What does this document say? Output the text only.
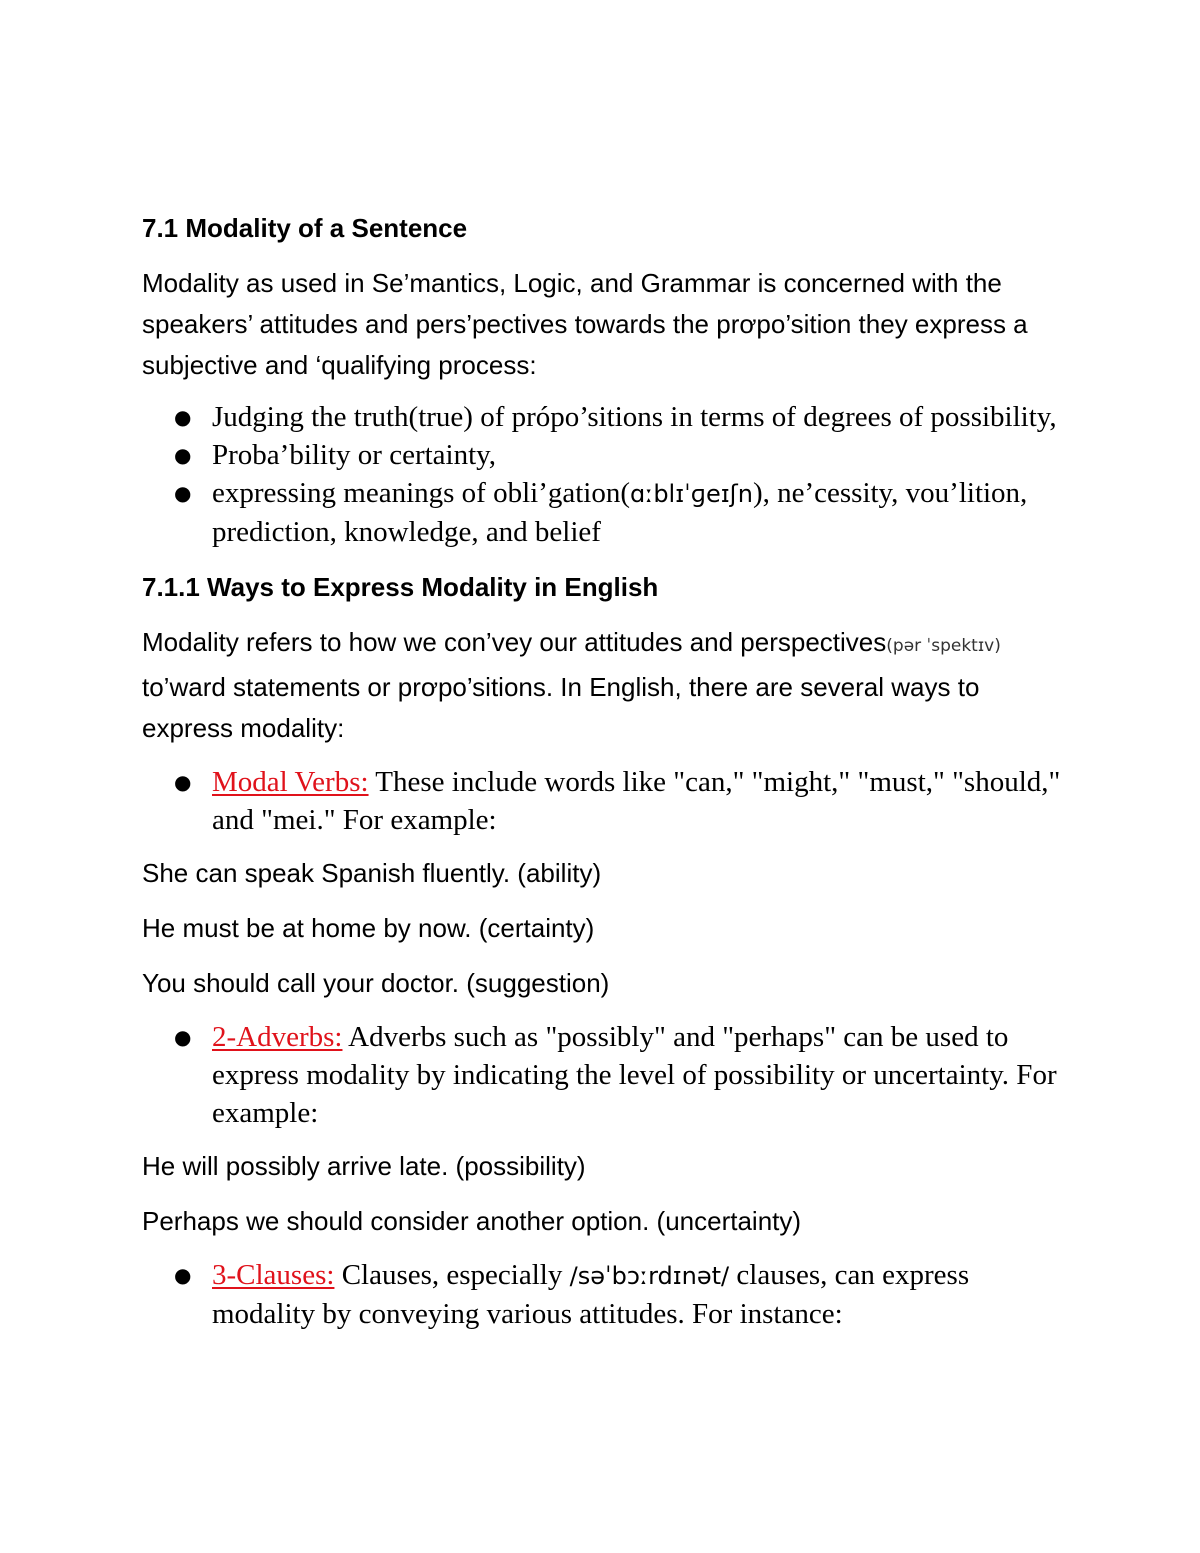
7.1 Modality of a Sentence

Modality as used in Se’mantics, Logic, and Grammar is concerned with the speakers’ attitudes and pers’pectives towards the prơpo’sition they express a subjective and ‘qualifying process:

● Judging the truth(true) of própo’sitions in terms of degrees of possibility,
● Proba’bility or certainty,
● expressing meanings of obli’gation(ɑːblɪˈɡeɪʃn), ne’cessity, vou’lition, prediction, knowledge, and belief
7.1.1 Ways to Express Modality in English

Modality refers to how we con’vey our attitudes and perspectives(pər ˈspektɪv) to’ward statements or prơpo’sitions. In English, there are several ways to express modality:

● Modal Verbs: These include words like "can," "might," "must," "should," and "mei." For example:

She can speak Spanish fluently. (ability)

He must be at home by now. (certainty)

You should call your doctor. (suggestion)

● 2-Adverbs: Adverbs such as "possibly" and "perhaps" can be used to express modality by indicating the level of possibility or uncertainty. For example:

He will possibly arrive late. (possibility)

Perhaps we should consider another option. (uncertainty)

● 3-Clauses: Clauses, especially /səˈbɔːrdɪnət/ clauses, can express modality by conveying various attitudes. For instance:
